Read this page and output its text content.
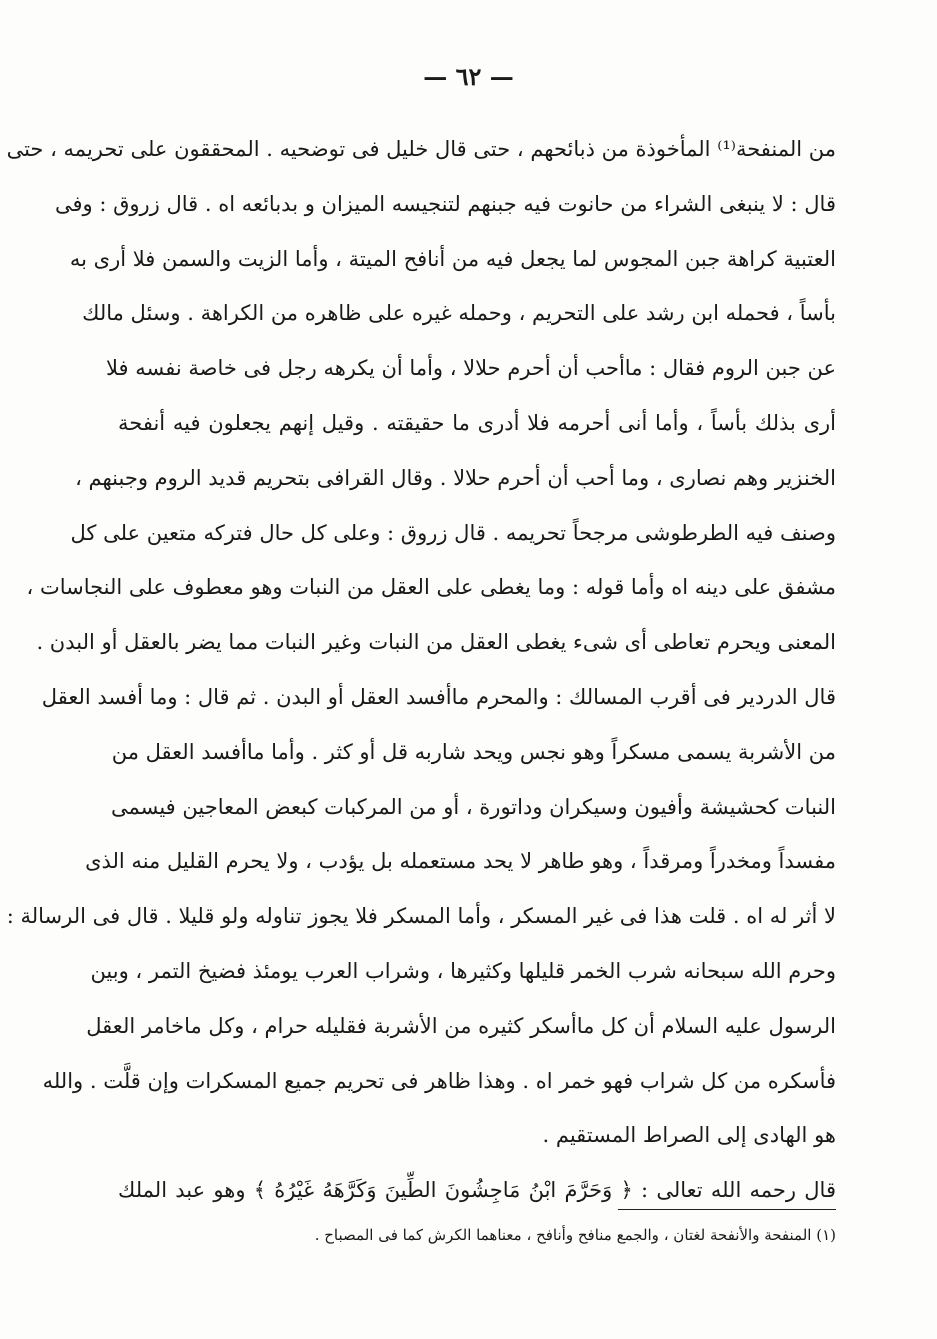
— ٦٢ —
من المنفحة⁽¹⁾ المأخوذة من ذبائحهم ، حتى قال خليل فى توضحيه . المحققون على تحريمه ، حتى
قال : لا ينبغى الشراء من حانوت فيه جبنهم لتنجيسه الميزان و بدبائعه اه . قال زروق : وفى
العتبية كراهة جبن المجوس لما يجعل فيه من أنافح الميتة ، وأما الزيت والسمن فلا أرى به
بأساً ، فحمله ابن رشد على التحريم ، وحمله غيره على ظاهره من الكراهة . وسئل مالك
عن جبن الروم فقال : ماأحب أن أحرم حلالا ، وأما أن يكرهه رجل فى خاصة نفسه فلا
أرى بذلك بأساً ، وأما أنى أحرمه فلا أدرى ما حقيقته . وقيل إنهم يجعلون فيه أنفحة
الخنزير وهم نصارى ، وما أحب أن أحرم حلالا . وقال القرافى بتحريم قديد الروم وجبنهم ،
وصنف فيه الطرطوشى مرجحاً تحريمه . قال زروق : وعلى كل حال فتركه متعين على كل
مشفق على دينه اه وأما قوله : وما يغطى على العقل من النبات وهو معطوف على النجاسات ،
المعنى ويحرم تعاطى أى شىء يغطى العقل من النبات وغير النبات مما يضر بالعقل أو البدن .
قال الدردير فى أقرب المسالك : والمحرم ماأفسد العقل أو البدن . ثم قال : وما أفسد العقل
من الأشربة يسمى مسكراً وهو نجس ويحد شاربه قل أو كثر . وأما ماأفسد العقل من
النبات كحشيشة وأفيون وسيكران وداتورة ، أو من المركبات كبعض المعاجين فيسمى
مفسداً ومخدراً ومرقداً ، وهو طاهر لا يحد مستعمله بل يؤدب ، ولا يحرم القليل منه الذى
لا أثر له اه . قلت هذا فى غير المسكر ، وأما المسكر فلا يجوز تناوله ولو قليلا . قال فى الرسالة :
وحرم الله سبحانه شرب الخمر قليلها وكثيرها ، وشراب العرب يومئذ فضيخ التمر ، وبين
الرسول عليه السلام أن كل ماأسكر كثيره من الأشربة فقليله حرام ، وكل ماخامر العقل
فأسكره من كل شراب فهو خمر اه . وهذا ظاهر فى تحريم جميع المسكرات وإن قلَّت . والله
هو الهادى إلى الصراط المستقيم .
قال رحمه الله تعالى : ﴿ وَحَرَّمَ ابْنُ مَاجِشُونَ الطِّينَ وَكَرَّهَهُ غَيْرُهُ ﴾ وهو عبد الملك
(١) المنفحة والأنفحة لغتان ، والجمع منافح وأنافح ، معناهما الكرش كما فى المصباح .
